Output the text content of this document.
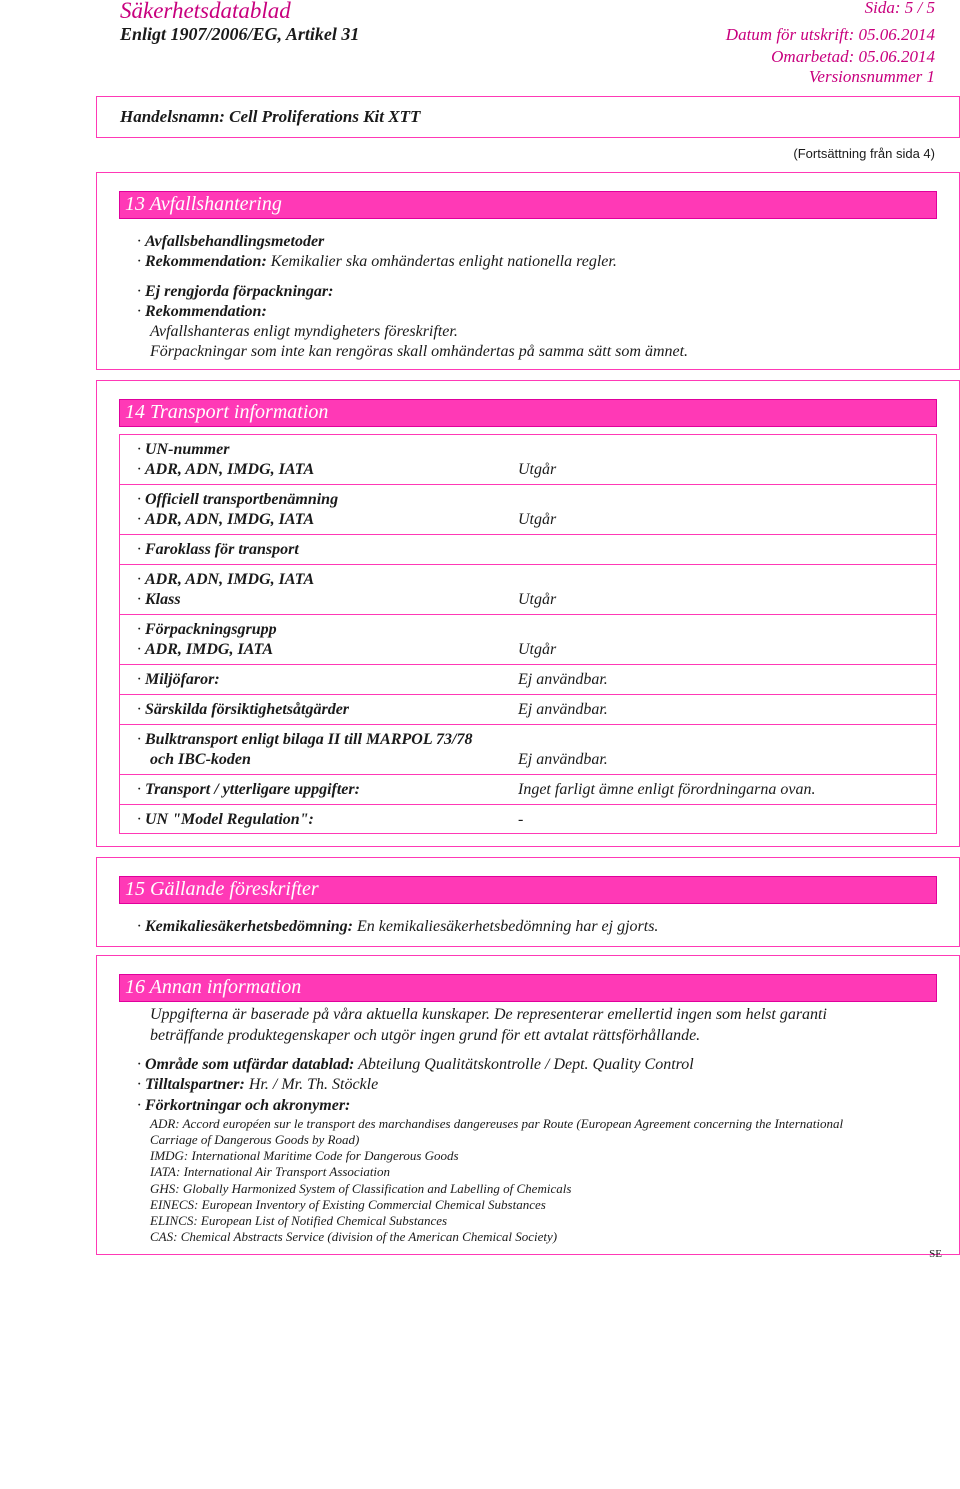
Säkerhetsdatablad
Enligt 1907/2006/EG, Artikel 31
Sida: 5 / 5
Datum för utskrift: 05.06.2014
Omarbetad: 05.06.2014
Versionsnummer 1
Handelsnamn: Cell Proliferations Kit XTT
(Fortsättning från sida 4)
13 Avfallshantering
· Avfallsbehandlingsmetoder
· Rekommendation: Kemikalier ska omhändertas enlight nationella regler.
· Ej rengjorda förpackningar:
· Rekommendation:
Avfallshanteras enligt myndigheters föreskrifter.
Förpackningar som inte kan rengöras skall omhändertas på samma sätt som ämnet.
14 Transport information
· UN-nummer
· ADR, ADN, IMDG, IATA	Utgår
· Officiell transportbenämning
· ADR, ADN, IMDG, IATA	Utgår
· Faroklass för transport
· ADR, ADN, IMDG, IATA
· Klass	Utgår
· Förpackningsgrupp
· ADR, IMDG, IATA	Utgår
· Miljöfaror:	Ej användbar.
· Särskilda försiktighetsåtgärder	Ej användbar.
· Bulktransport enligt bilaga II till MARPOL 73/78
och IBC-koden	Ej användbar.
· Transport / ytterligare uppgifter:	Inget farligt ämne enligt förordningarna ovan.
· UN "Model Regulation":	-
15 Gällande föreskrifter
· Kemikaliesäkerhetsbedömning: En kemikaliesäkerhetsbedömning har ej gjorts.
16 Annan information
Uppgifterna är baserade på våra aktuella kunskaper. De representerar emellertid ingen som helst garanti
beträffande produktegenskaper och utgör ingen grund för ett avtalat rättsförhållande.
· Område som utfärdar datablad: Abteilung Qualitätskontrolle / Dept. Quality Control
· Tilltalspartner: Hr. / Mr. Th. Stöckle
· Förkortningar och akronymer:
ADR: Accord européen sur le transport des marchandises dangereuses par Route (European Agreement concerning the International
Carriage of Dangerous Goods by Road)
IMDG: International Maritime Code for Dangerous Goods
IATA: International Air Transport Association
GHS: Globally Harmonized System of Classification and Labelling of Chemicals
EINECS: European Inventory of Existing Commercial Chemical Substances
ELINCS: European List of Notified Chemical Substances
CAS: Chemical Abstracts Service (division of the American Chemical Society)
SE
